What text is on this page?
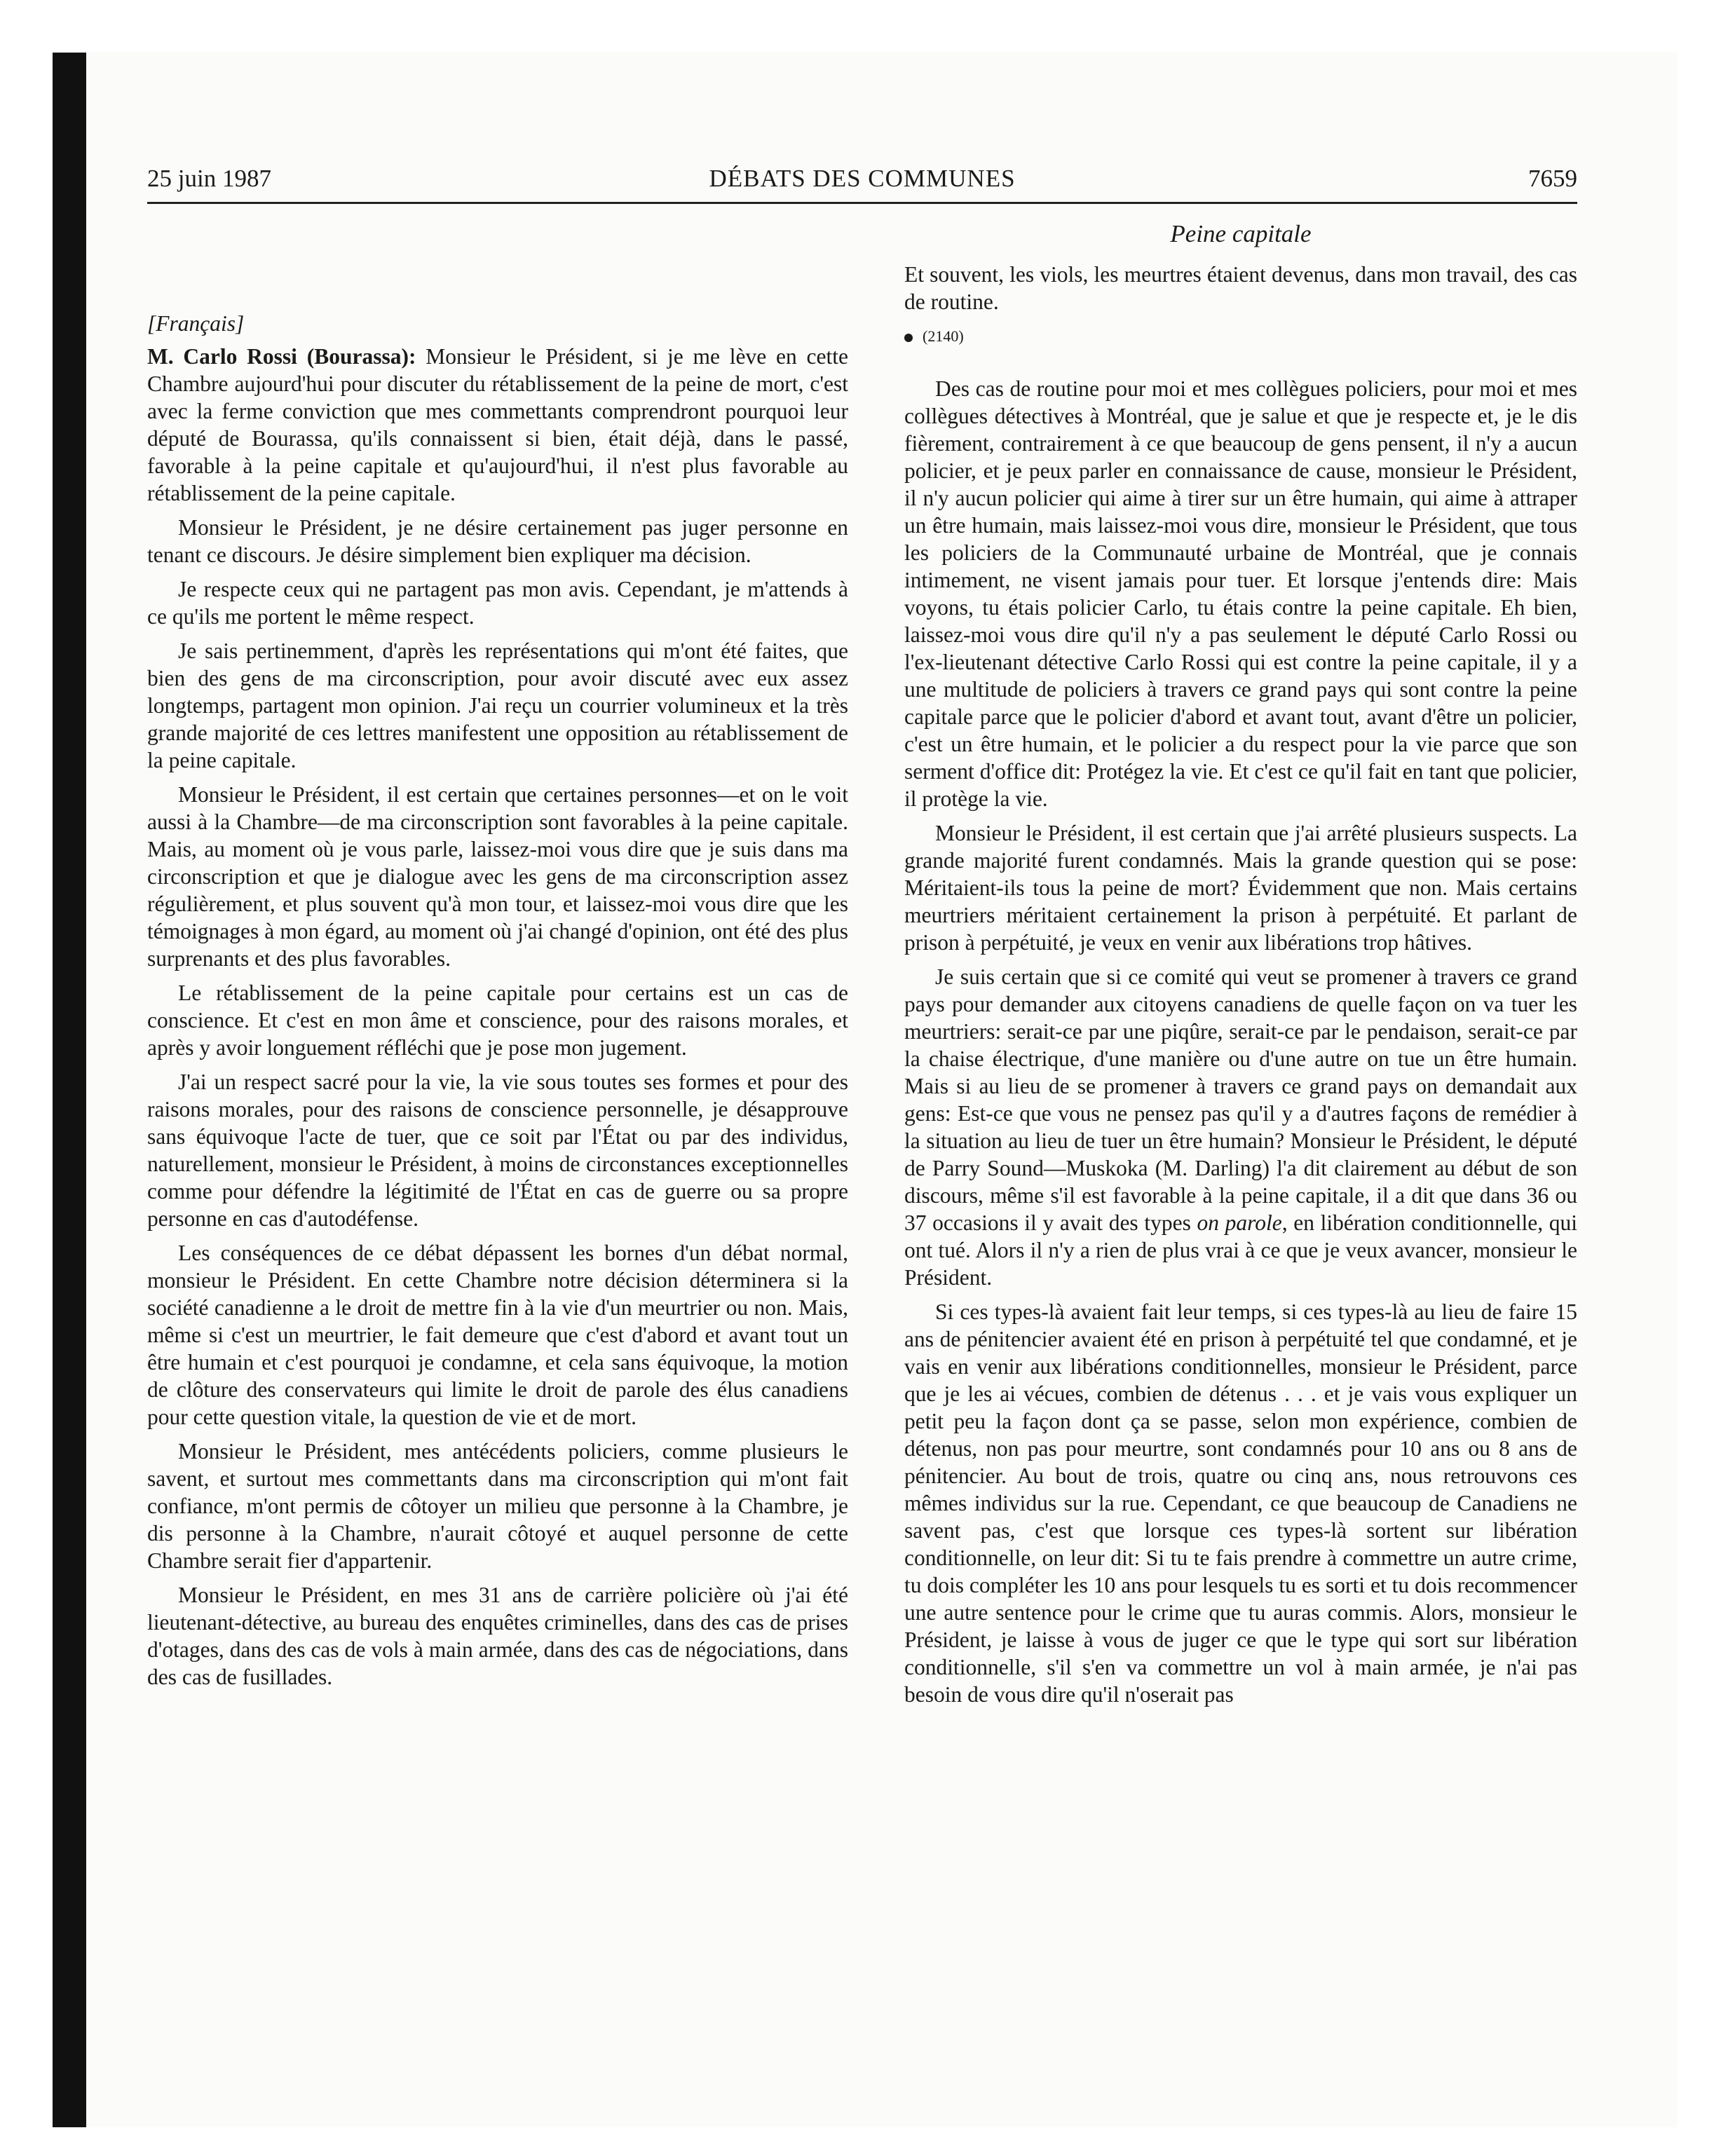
25 juin 1987	DÉBATS DES COMMUNES	7659
Peine capitale

[Français]

M. Carlo Rossi (Bourassa): Monsieur le Président, si je me lève en cette Chambre aujourd'hui pour discuter du rétablissement de la peine de mort, c'est avec la ferme conviction que mes commettants comprendront pourquoi leur député de Bourassa, qu'ils connaissent si bien, était déjà, dans le passé, favorable à la peine capitale et qu'aujourd'hui, il n'est plus favorable au rétablissement de la peine capitale.

Monsieur le Président, je ne désire certainement pas juger personne en tenant ce discours. Je désire simplement bien expliquer ma décision.

Je respecte ceux qui ne partagent pas mon avis. Cependant, je m'attends à ce qu'ils me portent le même respect.

Je sais pertinemment, d'après les représentations qui m'ont été faites, que bien des gens de ma circonscription, pour avoir discuté avec eux assez longtemps, partagent mon opinion. J'ai reçu un courrier volumineux et la très grande majorité de ces lettres manifestent une opposition au rétablissement de la peine capitale.

Monsieur le Président, il est certain que certaines personnes—et on le voit aussi à la Chambre—de ma circonscription sont favorables à la peine capitale. Mais, au moment où je vous parle, laissez-moi vous dire que je suis dans ma circonscription et que je dialogue avec les gens de ma circonscription assez régulièrement, et plus souvent qu'à mon tour, et laissez-moi vous dire que les témoignages à mon égard, au moment où j'ai changé d'opinion, ont été des plus surprenants et des plus favorables.

Le rétablissement de la peine capitale pour certains est un cas de conscience. Et c'est en mon âme et conscience, pour des raisons morales, et après y avoir longuement réfléchi que je pose mon jugement.

J'ai un respect sacré pour la vie, la vie sous toutes ses formes et pour des raisons morales, pour des raisons de conscience personnelle, je désapprouve sans équivoque l'acte de tuer, que ce soit par l'État ou par des individus, naturellement, monsieur le Président, à moins de circonstances exceptionnelles comme pour défendre la légitimité de l'État en cas de guerre ou sa propre personne en cas d'autodéfense.

Les conséquences de ce débat dépassent les bornes d'un débat normal, monsieur le Président. En cette Chambre notre décision déterminera si la société canadienne a le droit de mettre fin à la vie d'un meurtrier ou non. Mais, même si c'est un meurtrier, le fait demeure que c'est d'abord et avant tout un être humain et c'est pourquoi je condamne, et cela sans équivoque, la motion de clôture des conservateurs qui limite le droit de parole des élus canadiens pour cette question vitale, la question de vie et de mort.

Monsieur le Président, mes antécédents policiers, comme plusieurs le savent, et surtout mes commettants dans ma circonscription qui m'ont fait confiance, m'ont permis de côtoyer un milieu que personne à la Chambre, je dis personne à la Chambre, n'aurait côtoyé et auquel personne de cette Chambre serait fier d'appartenir.

Monsieur le Président, en mes 31 ans de carrière policière où j'ai été lieutenant-détective, au bureau des enquêtes criminelles, dans des cas de prises d'otages, dans des cas de vols à main armée, dans des cas de négociations, dans des cas de fusillades.

Et souvent, les viols, les meurtres étaient devenus, dans mon travail, des cas de routine.

(2140)

Des cas de routine pour moi et mes collègues policiers, pour moi et mes collègues détectives à Montréal, que je salue et que je respecte et, je le dis fièrement, contrairement à ce que beaucoup de gens pensent, il n'y a aucun policier, et je peux parler en connaissance de cause, monsieur le Président, il n'y aucun policier qui aime à tirer sur un être humain, qui aime à attraper un être humain, mais laissez-moi vous dire, monsieur le Président, que tous les policiers de la Communauté urbaine de Montréal, que je connais intimement, ne visent jamais pour tuer. Et lorsque j'entends dire: Mais voyons, tu étais policier Carlo, tu étais contre la peine capitale. Eh bien, laissez-moi vous dire qu'il n'y a pas seulement le député Carlo Rossi ou l'ex-lieutenant détective Carlo Rossi qui est contre la peine capitale, il y a une multitude de policiers à travers ce grand pays qui sont contre la peine capitale parce que le policier d'abord et avant tout, avant d'être un policier, c'est un être humain, et le policier a du respect pour la vie parce que son serment d'office dit: Protégez la vie. Et c'est ce qu'il fait en tant que policier, il protège la vie.

Monsieur le Président, il est certain que j'ai arrêté plusieurs suspects. La grande majorité furent condamnés. Mais la grande question qui se pose: Méritaient-ils tous la peine de mort? Évidemment que non. Mais certains meurtriers méritaient certainement la prison à perpétuité. Et parlant de prison à perpétuité, je veux en venir aux libérations trop hâtives.

Je suis certain que si ce comité qui veut se promener à travers ce grand pays pour demander aux citoyens canadiens de quelle façon on va tuer les meurtriers: serait-ce par une piqûre, serait-ce par le pendaison, serait-ce par la chaise électrique, d'une manière ou d'une autre on tue un être humain. Mais si au lieu de se promener à travers ce grand pays on demandait aux gens: Est-ce que vous ne pensez pas qu'il y a d'autres façons de remédier à la situation au lieu de tuer un être humain? Monsieur le Président, le député de Parry Sound—Muskoka (M. Darling) l'a dit clairement au début de son discours, même s'il est favorable à la peine capitale, il a dit que dans 36 ou 37 occasions il y avait des types on parole, en libération conditionnelle, qui ont tué. Alors il n'y a rien de plus vrai à ce que je veux avancer, monsieur le Président.

Si ces types-là avaient fait leur temps, si ces types-là au lieu de faire 15 ans de pénitencier avaient été en prison à perpétuité tel que condamné, et je vais en venir aux libérations conditionnelles, monsieur le Président, parce que je les ai vécues, combien de détenus . . . et je vais vous expliquer un petit peu la façon dont ça se passe, selon mon expérience, combien de détenus, non pas pour meurtre, sont condamnés pour 10 ans ou 8 ans de pénitencier. Au bout de trois, quatre ou cinq ans, nous retrouvons ces mêmes individus sur la rue. Cependant, ce que beaucoup de Canadiens ne savent pas, c'est que lorsque ces types-là sortent sur libération conditionnelle, on leur dit: Si tu te fais prendre à commettre un autre crime, tu dois compléter les 10 ans pour lesquels tu es sorti et tu dois recommencer une autre sentence pour le crime que tu auras commis. Alors, monsieur le Président, je laisse à vous de juger ce que le type qui sort sur libération conditionnelle, s'il s'en va commettre un vol à main armée, je n'ai pas besoin de vous dire qu'il n'oserait pas
